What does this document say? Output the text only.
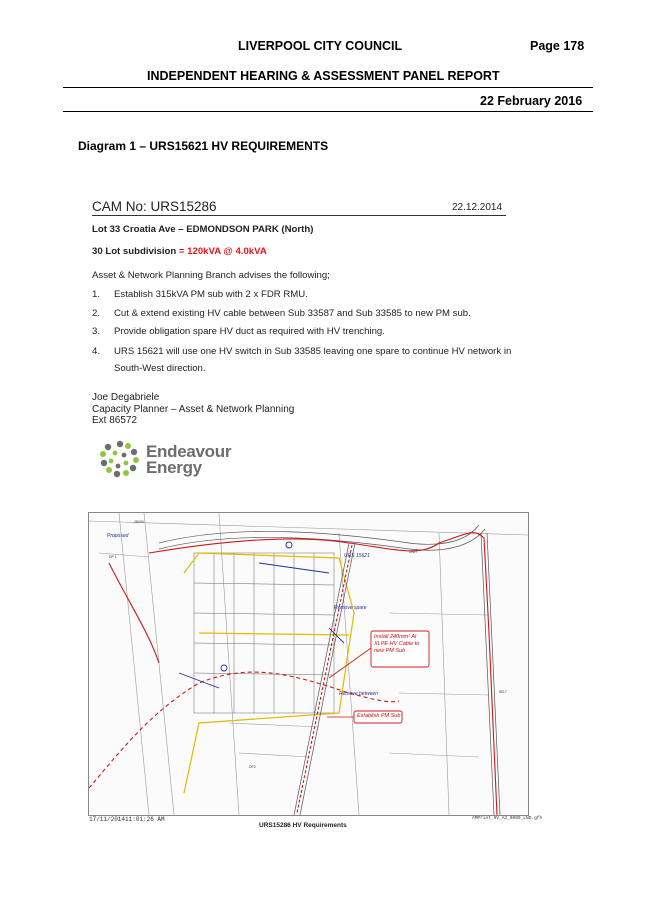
LIVERPOOL CITY COUNCIL	Page 178
INDEPENDENT HEARING & ASSESSMENT PANEL REPORT
22 February 2016
Diagram 1 – URS15621 HV REQUIREMENTS
CAM No: URS15286	22.12.2014
Lot 33 Croatia Ave – EDMONDSON PARK (North)
30 Lot subdivision = 120kVA @ 4.0kVA
Asset & Network Planning Branch advises the following;
1. Establish 315kVA PM sub with 2 x FDR RMU.
2. Cut & extend existing HV cable between Sub 33587 and Sub 33585 to new PM sub.
3. Provide obligation spare HV duct as required with HV trenching.
4. URS 15621 will use one HV switch in Sub 33585 leaving one spare to continue HV network in South-West direction.
Joe Degabriele
Capacity Planner – Asset & Network Planning
Ext 86572
Endeavour
Energy
28200
UNIT
DP 1
8017
DP2
Install 240mm² Al XLPE HV Cable to new PM Sub
Establish PM Sub
Remove spare
Remove between
Proposed
URS 15621
17/11/2014 11:01:26 AM	AMPrint_HV_A3_0000_LND.gfh
URS15286 HV Requirements
